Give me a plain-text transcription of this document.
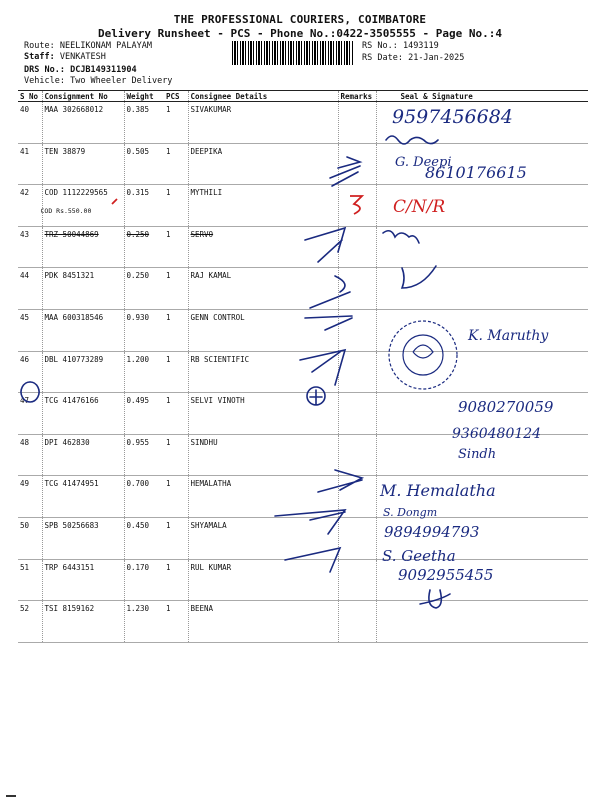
THE PROFESSIONAL COURIERS, COIMBATORE
Delivery Runsheet - PCS - Phone No.:0422-3505555 - Page No.:4
Route: NEELIKONAM PALAYAM
Staff: VENKATESH
DRS No.: DCJB149311904
Vehicle: Two Wheeler Delivery
RS No.: 1493119
RS Date: 21-Jan-2025
S No	Consignment No	Weight	PCS	Consignee Details	Remarks	Seal & Signature
40	MAA 302668012	0.385	1	SIVAKUMAR		
41	TEN 38879	0.505	1	DEEPIKA		
42	COD 1112229565
COD Rs.550.00	0.315	1	MYTHILI		
43	TRZ 50044869	0.250	1	SERVO		
44	PDK 8451321	0.250	1	RAJ KAMAL		
45	MAA 600318546	0.930	1	GENN CONTROL		
46	DBL 410773289	1.200	1	RB SCIENTIFIC		
47	TCG 41476166	0.495	1	SELVI VINOTH		
48	DPI 462830	0.955	1	SINDHU		
49	TCG 41474951	0.700	1	HEMALATHA		
50	SPB 50256683	0.450	1	SHYAMALA		
51	TRP 6443151	0.170	1	RUL KUMAR		
52	TSI 8159162	1.230	1	BEENA		
9597456684
G. Deepi
8610176615
C/N/R
K. Maruthy
9080270059
9360480124
Sindh
M. Hemalatha
S. Dongm
9894994793
S. Geetha
9092955455
